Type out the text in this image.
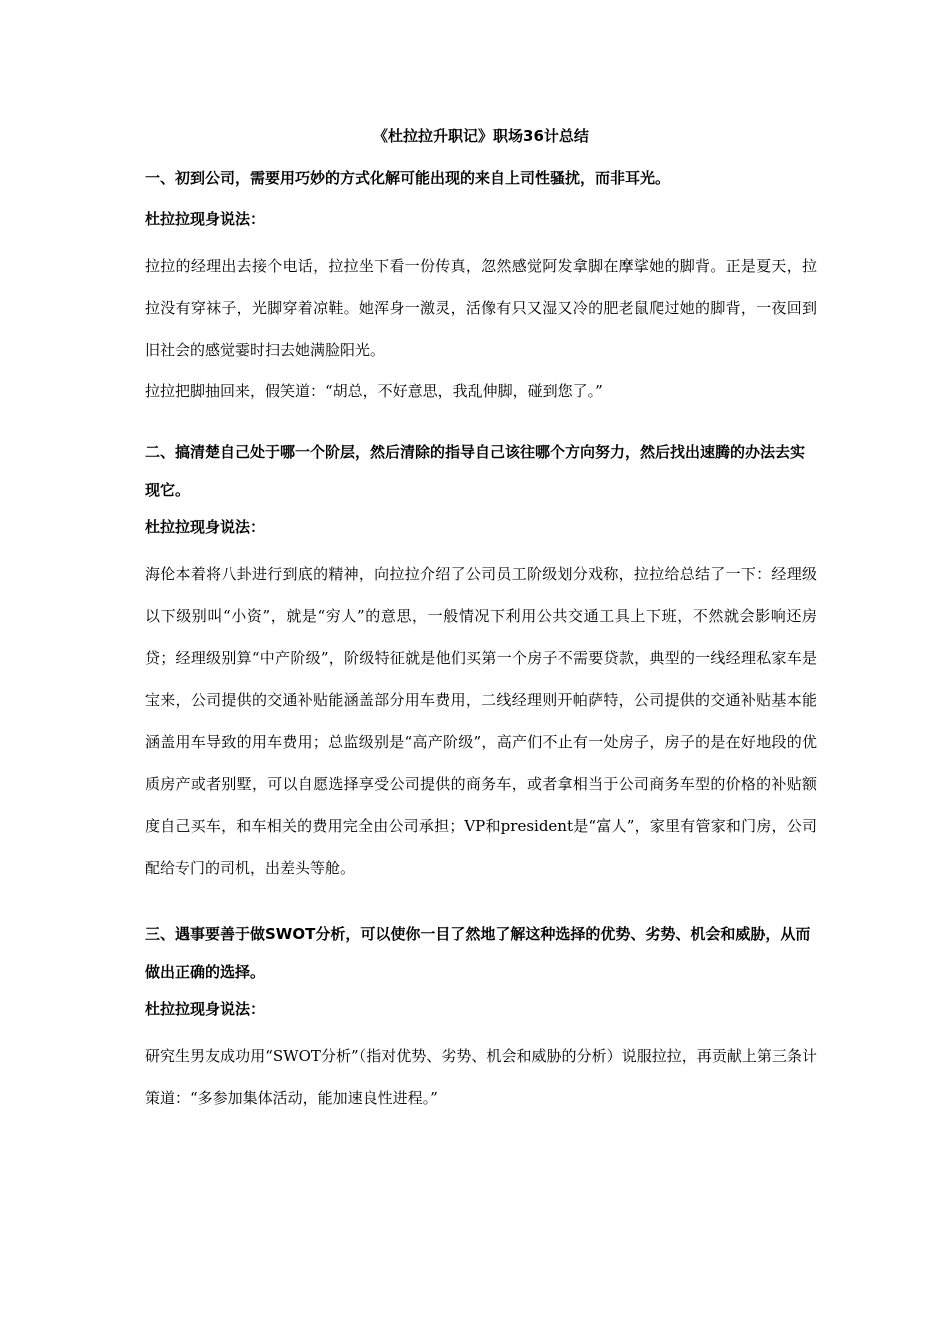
《杜拉拉升职记》职场36计总结
一、初到公司，需要用巧妙的方式化解可能出现的来自上司性骚扰，而非耳光。
杜拉拉现身说法：
拉拉的经理出去接个电话，拉拉坐下看一份传真，忽然感觉阿发拿脚在摩挲她的脚背。正是夏天，拉拉没有穿袜子，光脚穿着凉鞋。她浑身一激灵，活像有只又湿又冷的肥老鼠爬过她的脚背，一夜回到旧社会的感觉霎时扫去她满脸阳光。
拉拉把脚抽回来，假笑道：“胡总，不好意思，我乱伸脚，碰到您了。”
二、搞清楚自己处于哪一个阶层，然后清除的指导自己该往哪个方向努力，然后找出速腾的办法去实现它。
杜拉拉现身说法：
海伦本着将八卦进行到底的精神，向拉拉介绍了公司员工阶级划分戏称，拉拉给总结了一下：经理级以下级别叫“小资”，就是“穷人”的意思，一般情况下利用公共交通工具上下班，不然就会影响还房贷；经理级别算“中产阶级”，阶级特征就是他们买第一个房子不需要贷款，典型的一线经理私家车是宝来，公司提供的交通补贴能涵盖部分用车费用，二线经理则开帕萨特，公司提供的交通补贴基本能涵盖用车导致的用车费用；总监级别是“高产阶级”，高产们不止有一处房子，房子的是在好地段的优质房产或者别墅，可以自愿选择享受公司提供的商务车，或者拿相当于公司商务车型的价格的补贴额度自己买车，和车相关的费用完全由公司承担；VP和president是“富人”，家里有管家和门房，公司配给专门的司机，出差头等舱。
三、遇事要善于做SWOT分析，可以使你一目了然地了解这种选择的优势、劣势、机会和威胁，从而做出正确的选择。
杜拉拉现身说法：
研究生男友成功用“SWOT分析”（指对优势、劣势、机会和威胁的分析）说服拉拉，再贡献上第三条计策道：“多参加集体活动，能加速良性进程。”
